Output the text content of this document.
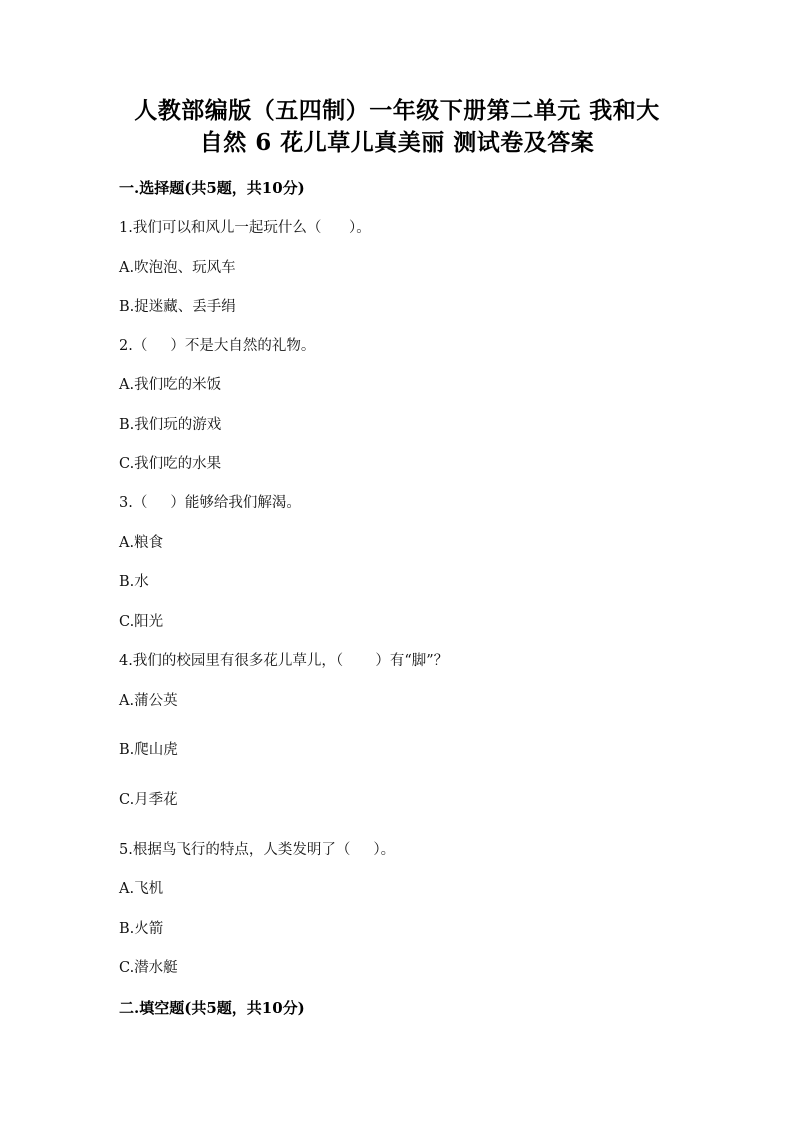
人教部编版（五四制）一年级下册第二单元 我和大
自然 6 花儿草儿真美丽 测试卷及答案
一.选择题(共5题，共10分)
1.我们可以和风儿一起玩什么（      ）。
A.吹泡泡、玩风车
B.捉迷藏、丢手绢
2.（     ）不是大自然的礼物。
A.我们吃的米饭
B.我们玩的游戏
C.我们吃的水果
3.（     ）能够给我们解渴。
A.粮食
B.水
C.阳光
4.我们的校园里有很多花儿草儿，（       ）有“脚”？
A.蒲公英
B.爬山虎
C.月季花
5.根据鸟飞行的特点，人类发明了（     ）。
A.飞机
B.火箭
C.潜水艇
二.填空题(共5题，共10分)
